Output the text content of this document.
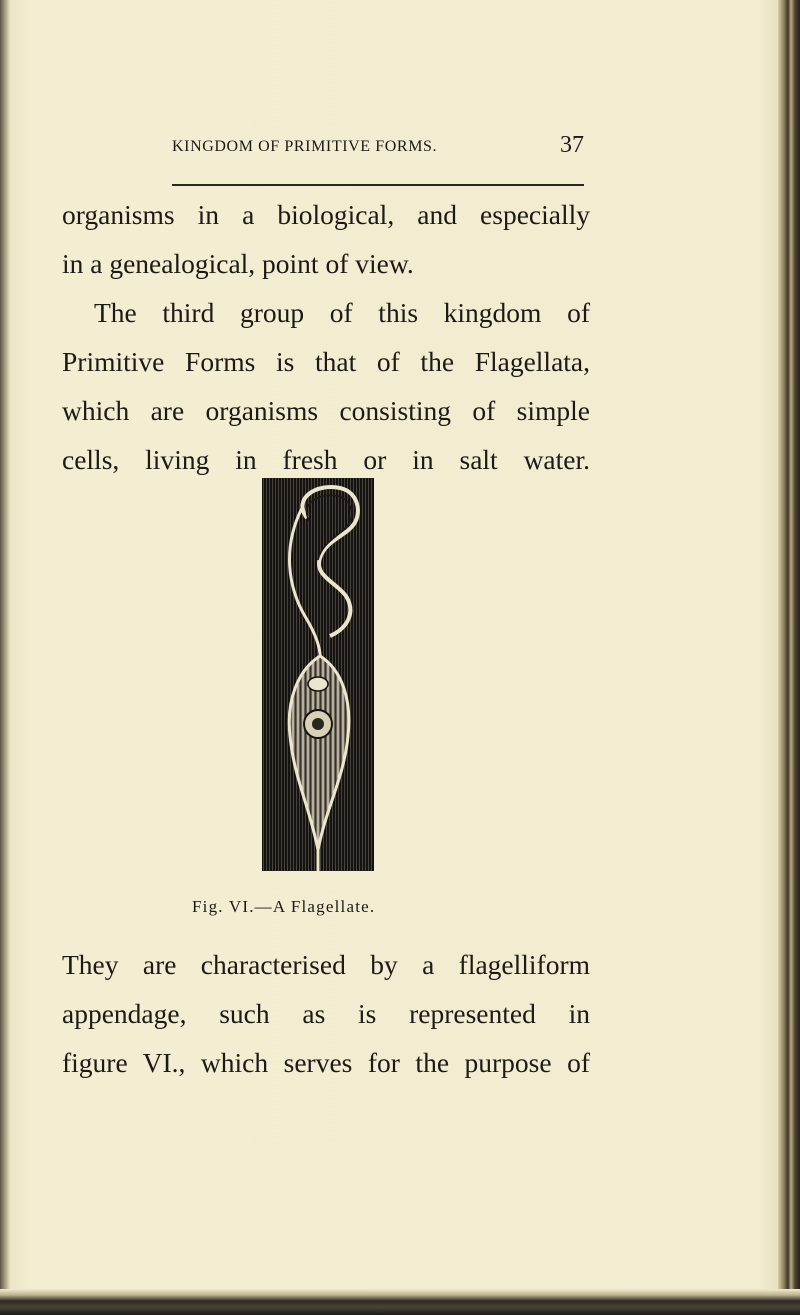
KINGDOM OF PRIMITIVE FORMS.	37
organisms in a biological, and especially
in a genealogical, point of view.
The third group of this kingdom of
Primitive Forms is that of the Flagellata,
which are organisms consisting of simple
cells, living in fresh or in salt water.
Fig. VI.—A Flagellate.
They are characterised by a flagelliform
appendage, such as is represented in
figure VI., which serves for the purpose of
